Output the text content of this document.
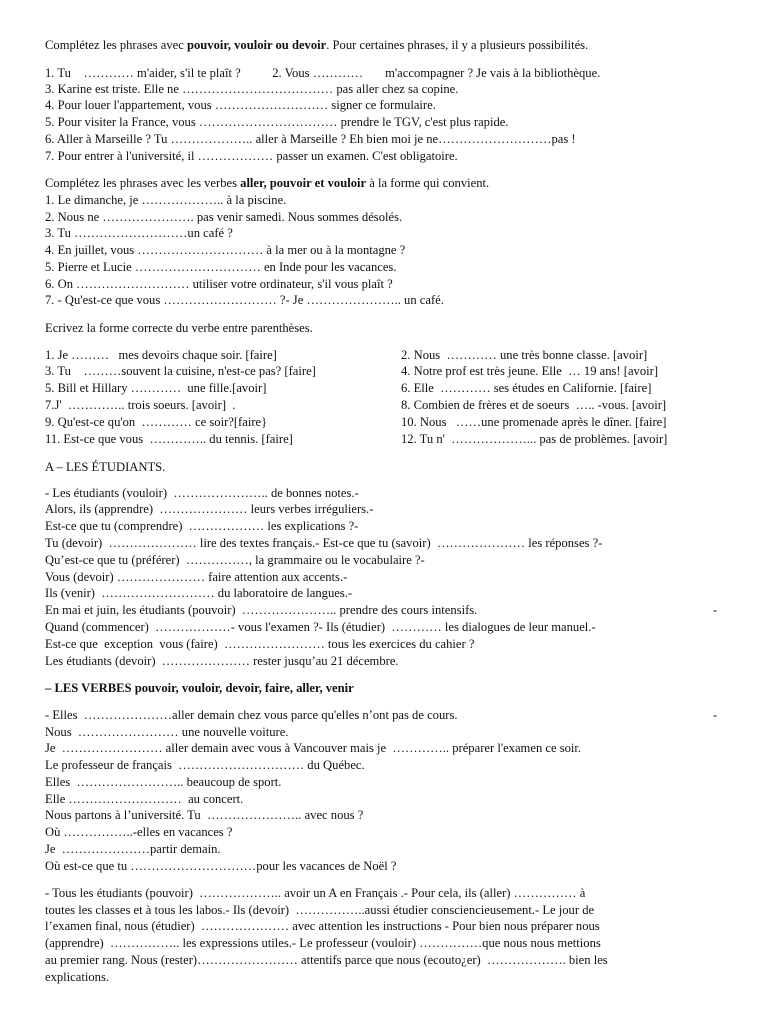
Complétez les phrases avec pouvoir, vouloir ou devoir. Pour certaines phrases, il y a plusieurs possibilités.
1. Tu    ………… m'aider, s'il te plaît ?          2. Vous …………       m'accompagner ? Je vais à la bibliothèque.
3. Karine est triste. Elle ne ……………………………… pas aller chez sa copine.
4. Pour louer l'appartement, vous ……………………… signer ce formulaire.
5. Pour visiter la France, vous …………………………… prendre le TGV, c'est plus rapide.
6. Aller à Marseille ? Tu ……………….. aller à Marseille ? Eh bien moi je ne………………………pas !
7. Pour entrer à l'université, il ……………… passer un examen. C'est obligatoire.
Complétez les phrases avec les verbes aller, pouvoir et vouloir à la forme qui convient.
1. Le dimanche, je ……………….. à la piscine.
2. Nous ne …………………. pas venir samedi. Nous sommes désolés.
3. Tu ………………………un café ?
4. En juillet, vous ………………………… à la mer ou à la montagne ?
5. Pierre et Lucie ………………………… en Inde pour les vacances.
6. On ……………………… utiliser votre ordinateur, s'il vous plaît ?
7. - Qu'est-ce que vous ……………………… ?- Je ………………….. un café.
Ecrivez la forme correcte du verbe entre parenthèses.
1. Je ………   mes devoirs chaque soir. [faire]
3. Tu    ………souvent la cuisine, n'est-ce pas? [faire]
5. Bill et Hillary …………  une fille.[avoir]
7.J'  ………….. trois soeurs. [avoir]  .
9. Qu'est-ce qu'on  ………… ce soir?[faire}
11. Est-ce que vous  ………….. du tennis. [faire]
2. Nous  ………… une très bonne classe. [avoir]
4. Notre prof est très jeune. Elle  … 19 ans! [avoir]
6. Elle  ………… ses études en Californie. [faire]
8. Combien de frères et de soeurs  ….. -vous. [avoir]
10. Nous   ……une promenade après le dîner. [faire]
12. Tu n'  ………………... pas de problèmes. [avoir]
A – LES ÉTUDIANTS.
- Les étudiants (vouloir)  ………………….. de bonnes notes.-
Alors, ils (apprendre)  ………………… leurs verbes irréguliers.-
Est-ce que tu (comprendre)  ……………… les explications ?-
Tu (devoir)  ………………… lire des textes français.- Est-ce que tu (savoir)  ………………… les réponses ?-
Qu’est-ce que tu (préférer)  ……………, la grammaire ou le vocabulaire ?-
Vous (devoir) ………………… faire attention aux accents.-
Ils (venir)  ……………………… du laboratoire de langues.-
En mai et juin, les étudiants (pouvoir)  ………………….. prendre des cours intensifs.	-
Quand (commencer)  ………………- vous l'examen ?- Ils (étudier)  ………… les dialogues de leur manuel.-
Est-ce que  exception  vous (faire)  …………………… tous les exercices du cahier ?
Les étudiants (devoir)  ………………… rester jusqu’au 21 décembre.
– LES VERBES pouvoir, vouloir, devoir, faire, aller, venir
- Elles  …………………aller demain chez vous parce qu'elles n’ont pas de cours.	-
Nous  …………………… une nouvelle voiture.
Je  …………………… aller demain avec vous à Vancouver mais je  ………….. préparer l'examen ce soir.
Le professeur de français  ………………………… du Québec.
Elles  …………………….. beaucoup de sport.
Elle ………………………  au concert.
Nous partons à l’université. Tu  ………………….. avec nous ?
Où ……………..-elles en vacances ?
Je  …………………partir demain.
Où est-ce que tu …………………………pour les vacances de Noël ?
- Tous les étudiants (pouvoir)  ……………….. avoir un A en Français .- Pour cela, ils (aller) …………… à
toutes les classes et à tous les labos.- Ils (devoir)  ……………..aussi étudier consciencieusement.- Le jour de
l’examen final, nous (étudier)  ………………… avec attention les instructions - Pour bien nous préparer nous
(apprendre)  …………….. les expressions utiles.- Le professeur (vouloir) ……………que nous nous mettions
au premier rang. Nous (rester)…………………… attentifs parce que nous (ecouto¿er)  ………………. bien les
explications.
